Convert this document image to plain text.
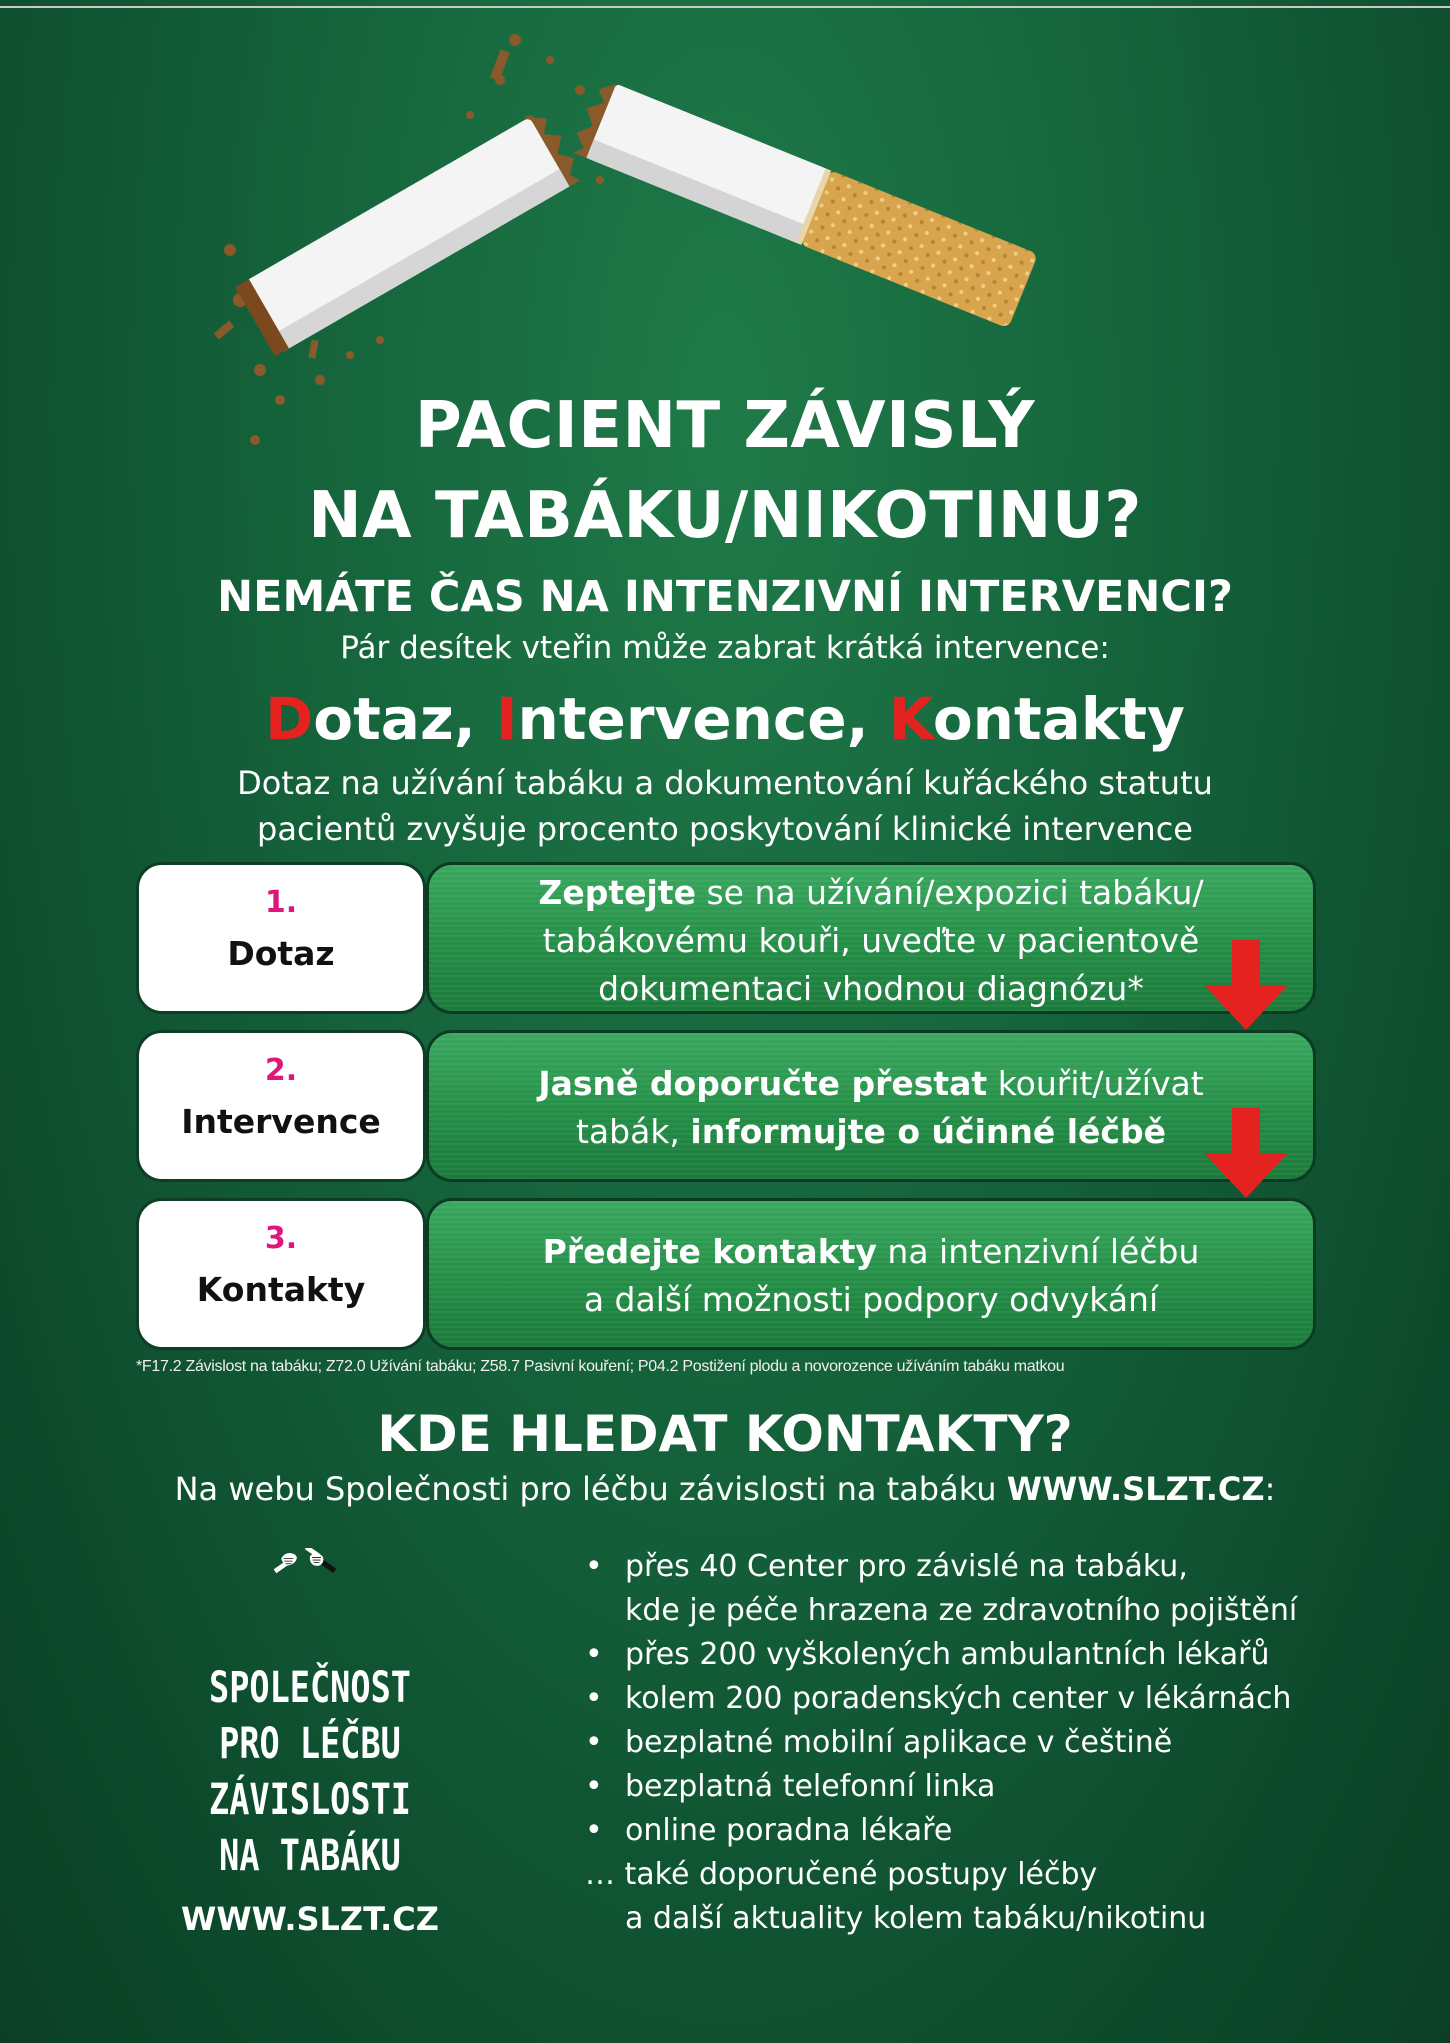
PACIENT ZÁVISLÝ
NA TABÁKU/NIKOTINU?
NEMÁTE ČAS NA INTENZIVNÍ INTERVENCI?
Pár desítek vteřin může zabrat krátká intervence:
Dotaz, Intervence, Kontakty
Dotaz na užívání tabáku a dokumentování kuřáckého statutu
pacientů zvyšuje procento poskytování klinické intervence
1.
Dotaz
Zeptejte se na užívání/expozici tabáku/
tabákovému kouři, uveďte v pacientově
dokumentaci vhodnou diagnózu*
2.
Intervence
Jasně doporučte přestat kouřit/užívat
tabák, informujte o účinné léčbě
3.
Kontakty
Předejte kontakty na intenzivní léčbu
a další možnosti podpory odvykání
*F17.2 Závislost na tabáku; Z72.0 Užívání tabáku; Z58.7 Pasivní kouření; P04.2 Postižení plodu a novorozence užíváním tabáku matkou
KDE HLEDAT KONTAKTY?
Na webu Společnosti pro léčbu závislosti na tabáku WWW.SLZT.CZ:
SPOLEČNOST
PRO LÉČBU
ZÁVISLOSTI
NA TABÁKU
WWW.SLZT.CZ
• přes 40 Center pro závislé na tabáku,
kde je péče hrazena ze zdravotního pojištění
• přes 200 vyškolených ambulantních lékařů
• kolem 200 poradenských center v lékárnách
• bezplatné mobilní aplikace v češtině
• bezplatná telefonní linka
• online poradna lékaře
… také doporučené postupy léčby
a další aktuality kolem tabáku/nikotinu
